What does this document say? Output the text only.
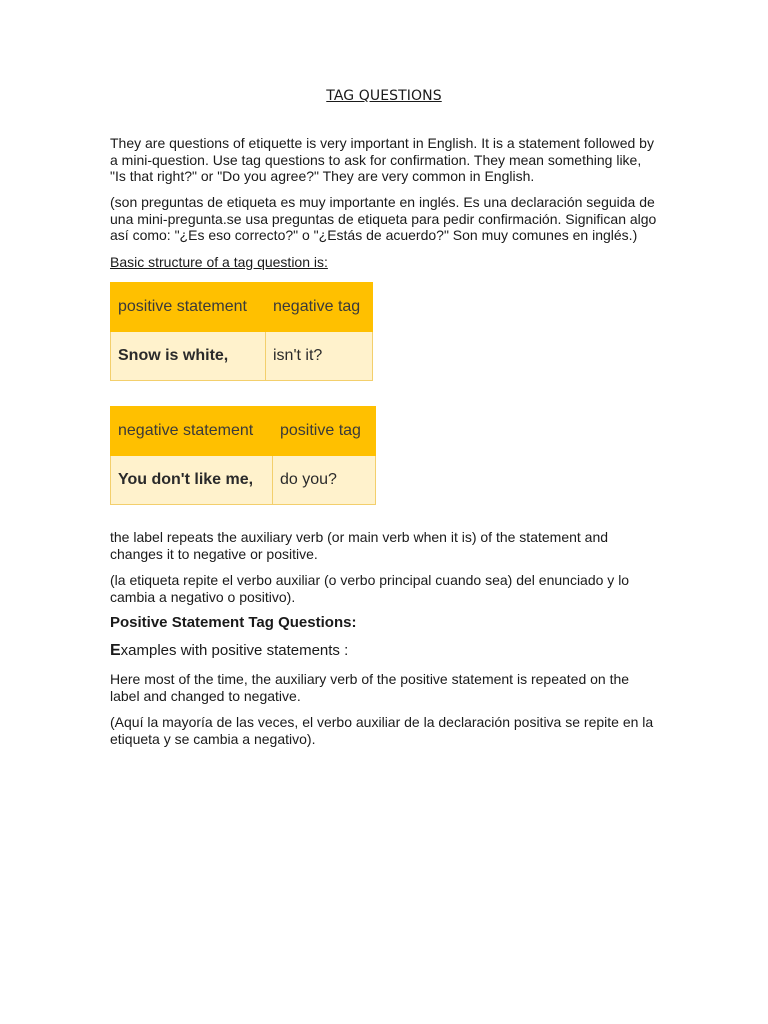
TAG QUESTIONS

They are questions of etiquette is very important in English. It is a statement followed by a mini-question. Use tag questions to ask for confirmation. They mean something like, "Is that right?" or "Do you agree?" They are very common in English.

(son preguntas de etiqueta es muy importante en inglés. Es una declaración seguida de una mini-pregunta.se usa preguntas de etiqueta para pedir confirmación. Significan algo así como: "¿Es eso correcto?" o "¿Estás de acuerdo?" Son muy comunes en inglés.)

Basic structure of a tag question is:

positive statement	negative tag
Snow is white,	isn't it?
negative statement	positive tag
You don't like me,	do you?

the label repeats the auxiliary verb (or main verb when it is) of the statement and changes it to negative or positive.

(la etiqueta repite el verbo auxiliar (o verbo principal cuando sea) del enunciado y lo cambia a negativo o positivo).

Positive Statement Tag Questions:

Examples with positive statements :

Here most of the time, the auxiliary verb of the positive statement is repeated on the label and changed to negative.

(Aquí la mayoría de las veces, el verbo auxiliar de la declaración positiva se repite en la etiqueta y se cambia a negativo).
